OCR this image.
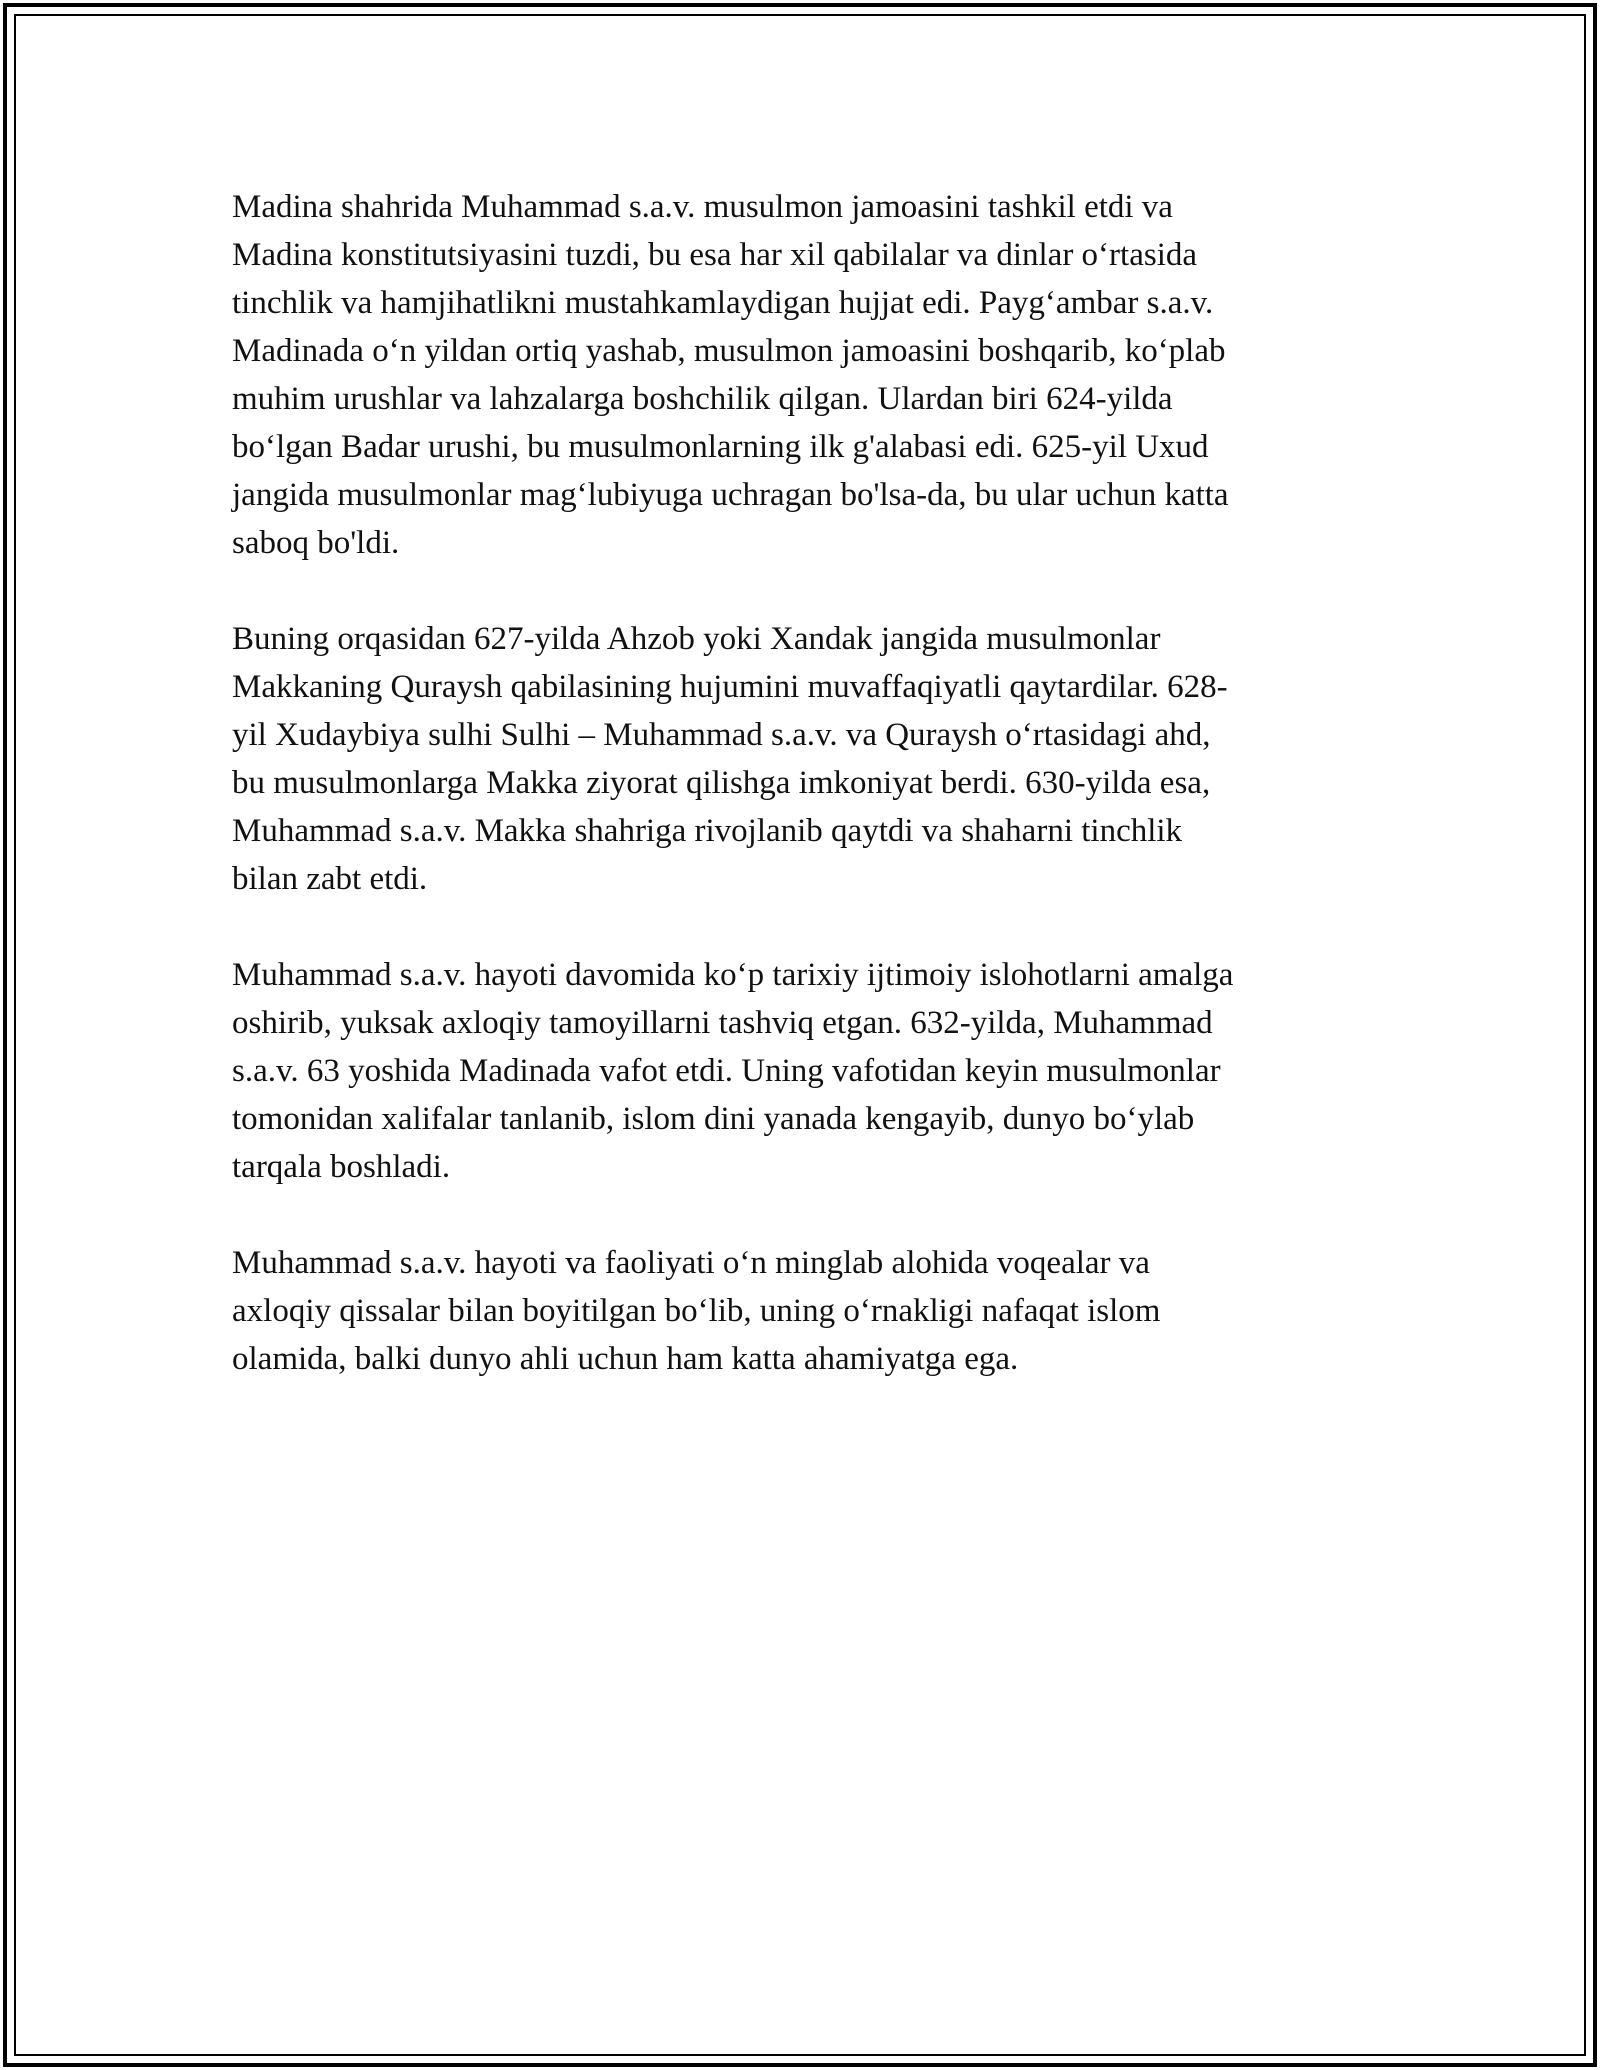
Madina shahrida Muhammad s.a.v. musulmon jamoasini tashkil etdi va
Madina konstitutsiyasini tuzdi, bu esa har xil qabilalar va dinlar o‘rtasida
tinchlik va hamjihatlikni mustahkamlaydigan hujjat edi. Payg‘ambar s.a.v.
Madinada o‘n yildan ortiq yashab, musulmon jamoasini boshqarib, ko‘plab
muhim urushlar va lahzalarga boshchilik qilgan. Ulardan biri 624-yilda
bo‘lgan Badar urushi, bu musulmonlarning ilk g'alabasi edi. 625-yil Uxud
jangida musulmonlar mag‘lubiyuga uchragan bo'lsa-da, bu ular uchun katta
saboq bo'ldi.

Buning orqasidan 627-yilda Ahzob yoki Xandak jangida musulmonlar
Makkaning Quraysh qabilasining hujumini muvaffaqiyatli qaytardilar. 628-
yil Xudaybiya sulhi Sulhi – Muhammad s.a.v. va Quraysh o‘rtasidagi ahd,
bu musulmonlarga Makka ziyorat qilishga imkoniyat berdi. 630-yilda esa,
Muhammad s.a.v. Makka shahriga rivojlanib qaytdi va shaharni tinchlik
bilan zabt etdi.

Muhammad s.a.v. hayoti davomida ko‘p tarixiy ijtimoiy islohotlarni amalga
oshirib, yuksak axloqiy tamoyillarni tashviq etgan. 632-yilda, Muhammad
s.a.v. 63 yoshida Madinada vafot etdi. Uning vafotidan keyin musulmonlar
tomonidan xalifalar tanlanib, islom dini yanada kengayib, dunyo bo‘ylab
tarqala boshladi.

Muhammad s.a.v. hayoti va faoliyati o‘n minglab alohida voqealar va
axloqiy qissalar bilan boyitilgan bo‘lib, uning o‘rnakligi nafaqat islom
olamida, balki dunyo ahli uchun ham katta ahamiyatga ega.
